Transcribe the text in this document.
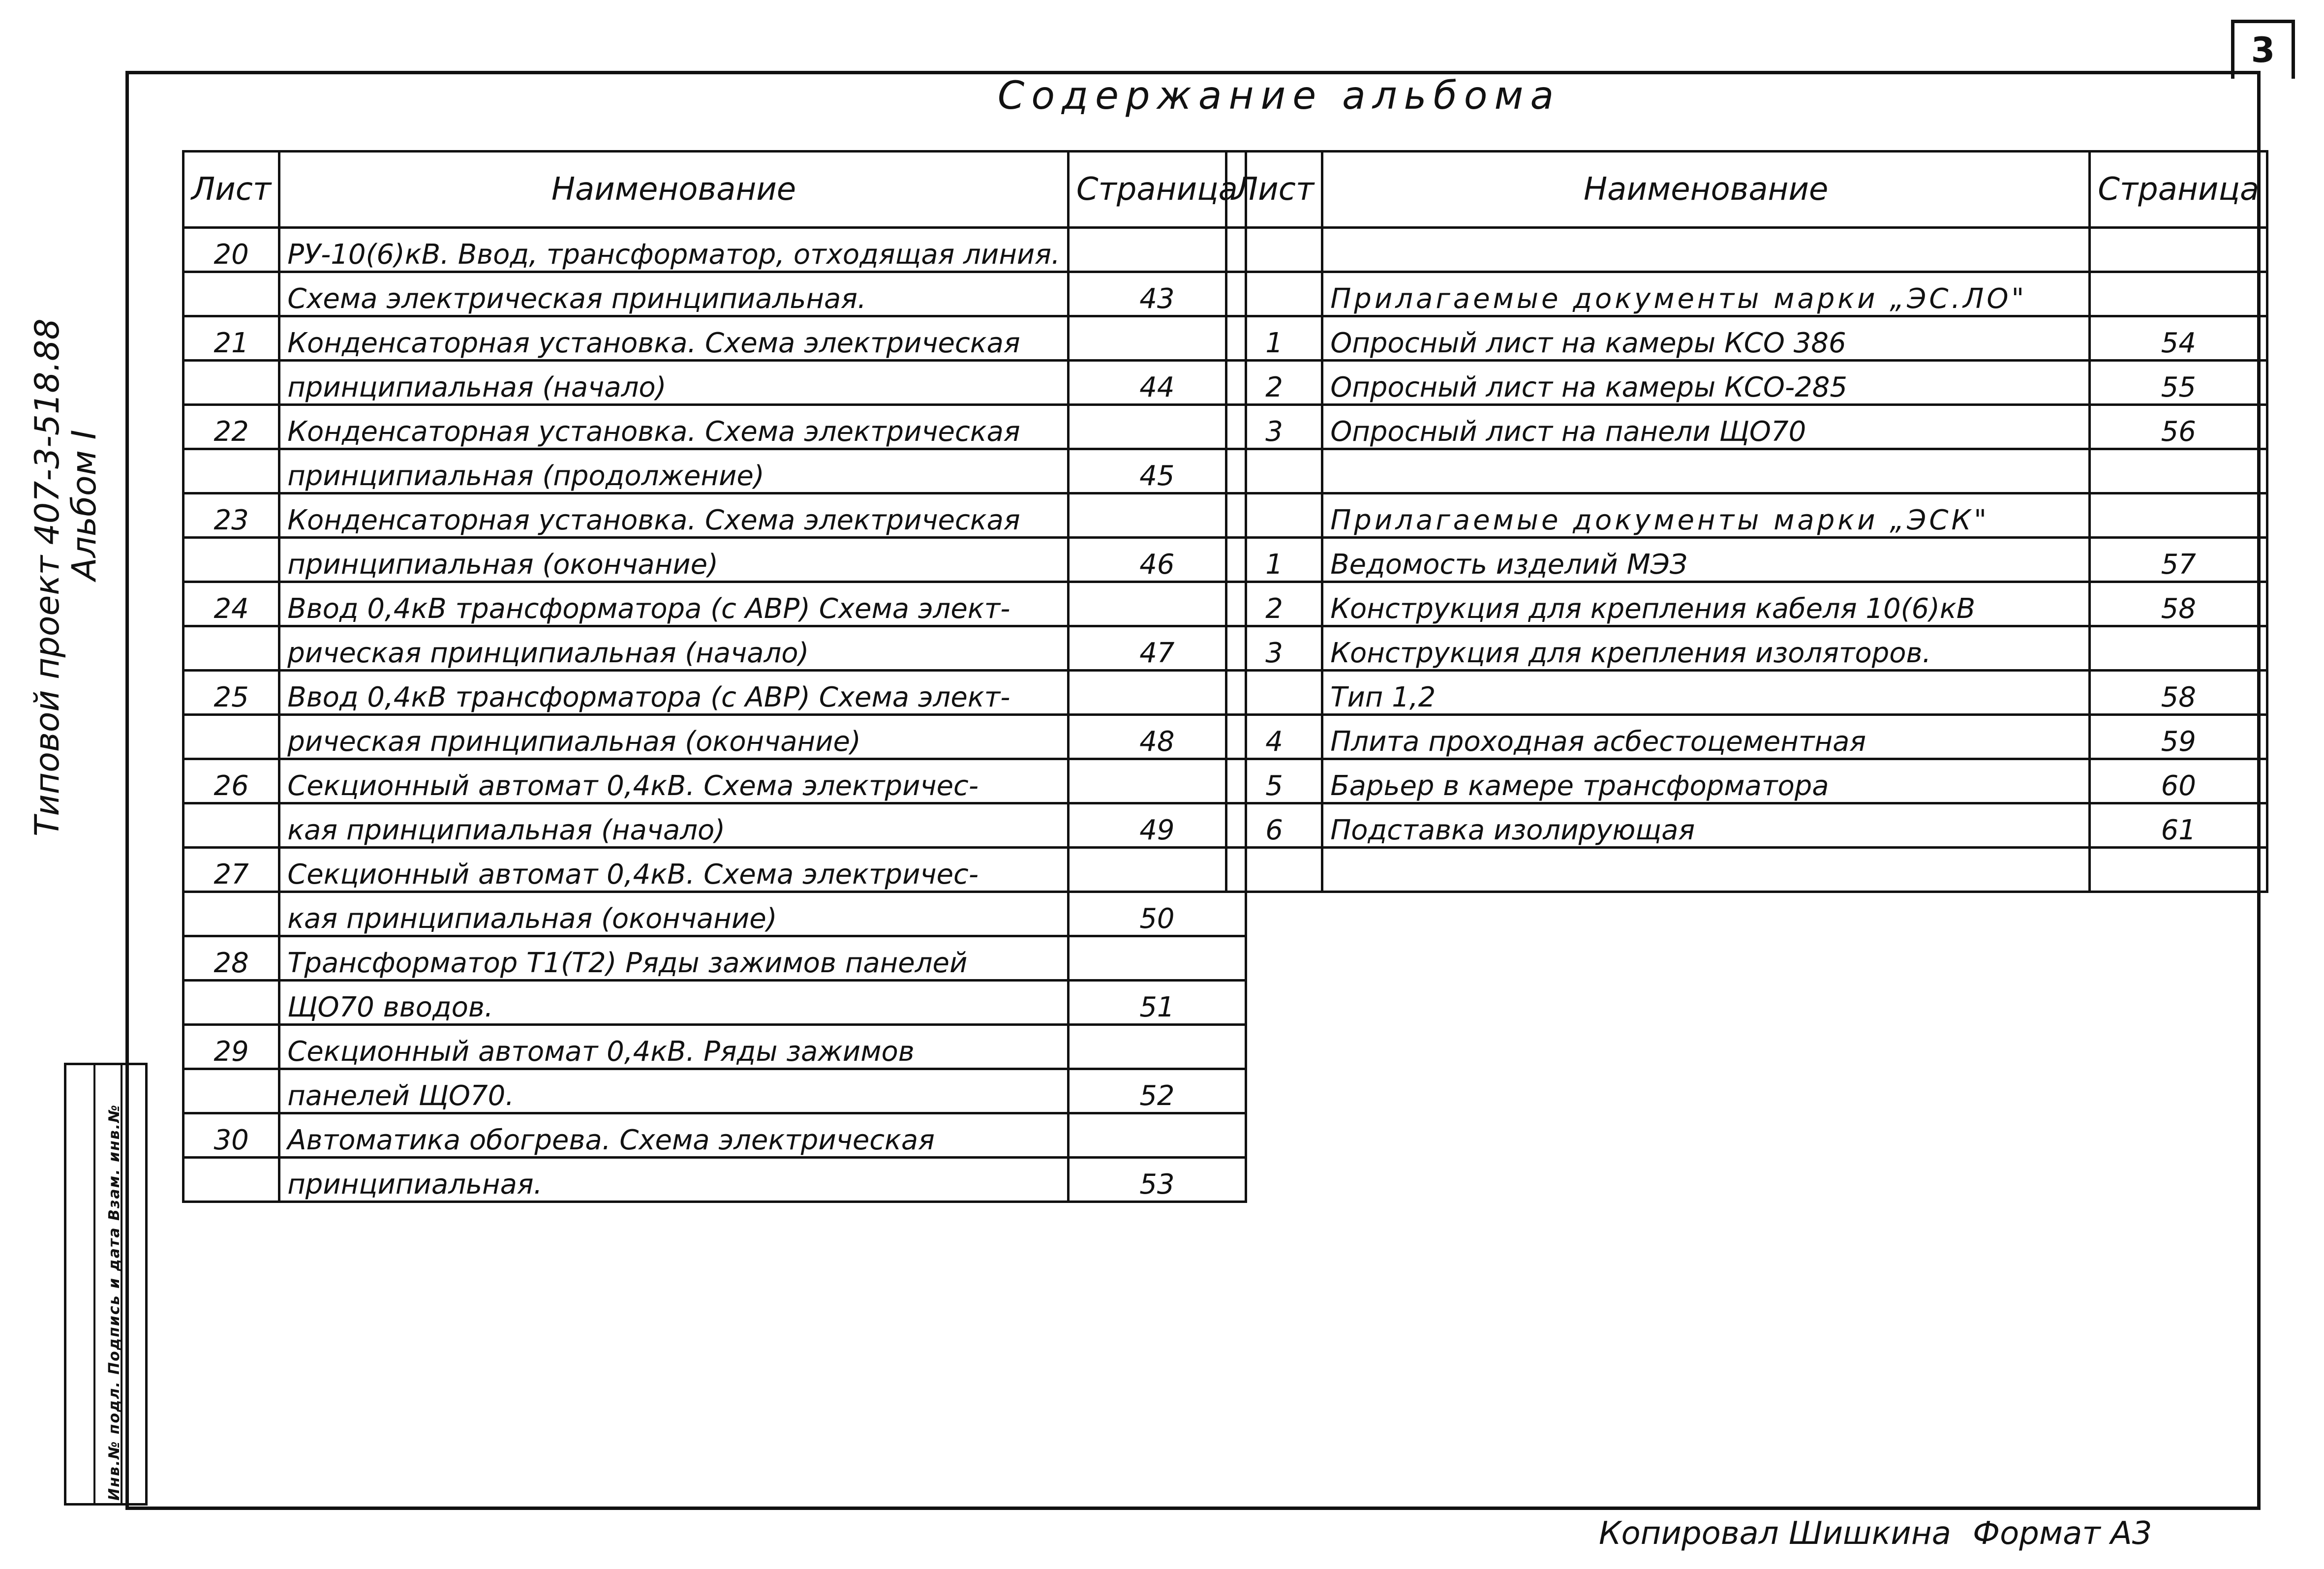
3
Содержание альбома
Типовой проект 407-3-518.88
Альбом I
Инв.№ подл. Подпись и дата Взам. инв.№
Лист	Наименование	Страница
20	РУ-10(6)кВ. Ввод, трансформатор, отходящая линия.	
	Схема электрическая принципиальная.	43
21	Конденсаторная установка. Схема электрическая	
	принципиальная (начало)	44
22	Конденсаторная установка. Схема электрическая	
	принципиальная (продолжение)	45
23	Конденсаторная установка. Схема электрическая	
	принципиальная (окончание)	46
24	Ввод 0,4кВ трансформатора (с АВР) Схема элект-	
	рическая принципиальная (начало)	47
25	Ввод 0,4кВ трансформатора (с АВР) Схема элект-	
	рическая принципиальная (окончание)	48
26	Секционный автомат 0,4кВ. Схема электричес-	
	кая принципиальная (начало)	49
27	Секционный автомат 0,4кВ. Схема электричес-	
	кая принципиальная (окончание)	50
28	Трансформатор Т1(Т2) Ряды зажимов панелей	
	ЩО70 вводов.	51
29	Секционный автомат 0,4кВ. Ряды зажимов	
	панелей ЩО70.	52
30	Автоматика обогрева. Схема электрическая	
	принципиальная.	53
Лист	Наименование	Страница

	Прилагаемые документы марки „ЭС.ЛО"	
1	Опросный лист на камеры КСО 386	54
2	Опросный лист на камеры КСО-285	55
3	Опросный лист на панели ЩО70	56

	Прилагаемые документы марки „ЭСК"	
1	Ведомость изделий МЭЗ	57
2	Конструкция для крепления кабеля 10(6)кВ	58
3	Конструкция для крепления изоляторов.	
	Тип 1,2	58
4	Плита проходная асбестоцементная	59
5	Барьер в камере трансформатора	60
6	Подставка изолирующая	61

Копировал Шишкина Формат А3
